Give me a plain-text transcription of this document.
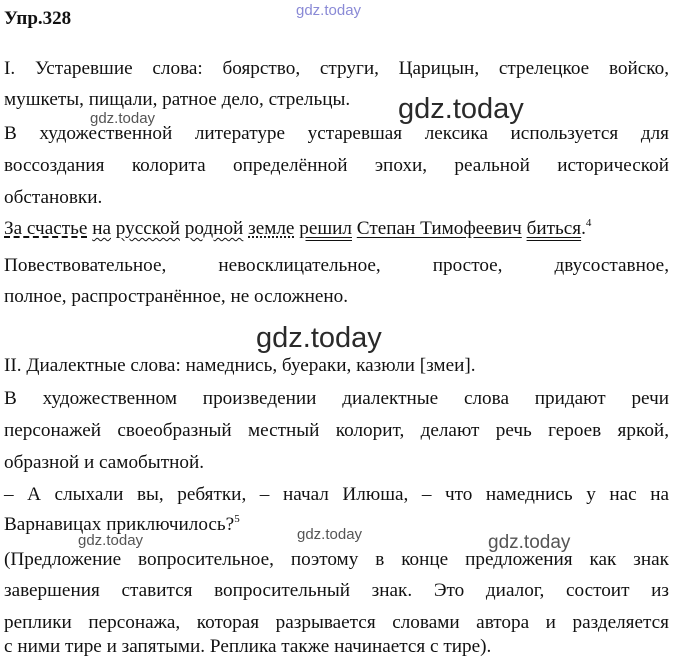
gdz.today
gdz.today	gdz.today
gdz.today
gdz.today	gdz.today	gdz.today
Упр.328
I. Устаревшие слова: боярство, струги, Царицын, стрелецкое войско,
мушкеты, пищали, ратное дело, стрельцы.
В художественной литературе устаревшая лексика используется для
воссоздания колорита определённой эпохи, реальной исторической
обстановки.
За счастье на русской родной земле решил Степан Тимофеевич биться.$^4$
Повествовательное, невосклицательное, простое, двусоставное,
полное, распространённое, не осложнено.
II. Диалектные слова: намеднись, буераки, казюли [змеи].
В художественном произведении диалектные слова придают речи
персонажей своеобразный местный колорит, делают речь героев яркой,
образной и самобытной.
– А слыхали вы, ребятки, – начал Илюша, – что намеднись у нас на
Варнавицах приключилось?$^5$
(Предложение вопросительное, поэтому в конце предложения как знак
завершения ставится вопросительный знак. Это диалог, состоит из
реплики персонажа, которая разрывается словами автора и разделяется
с ними тире и запятыми. Реплика также начинается с тире).
